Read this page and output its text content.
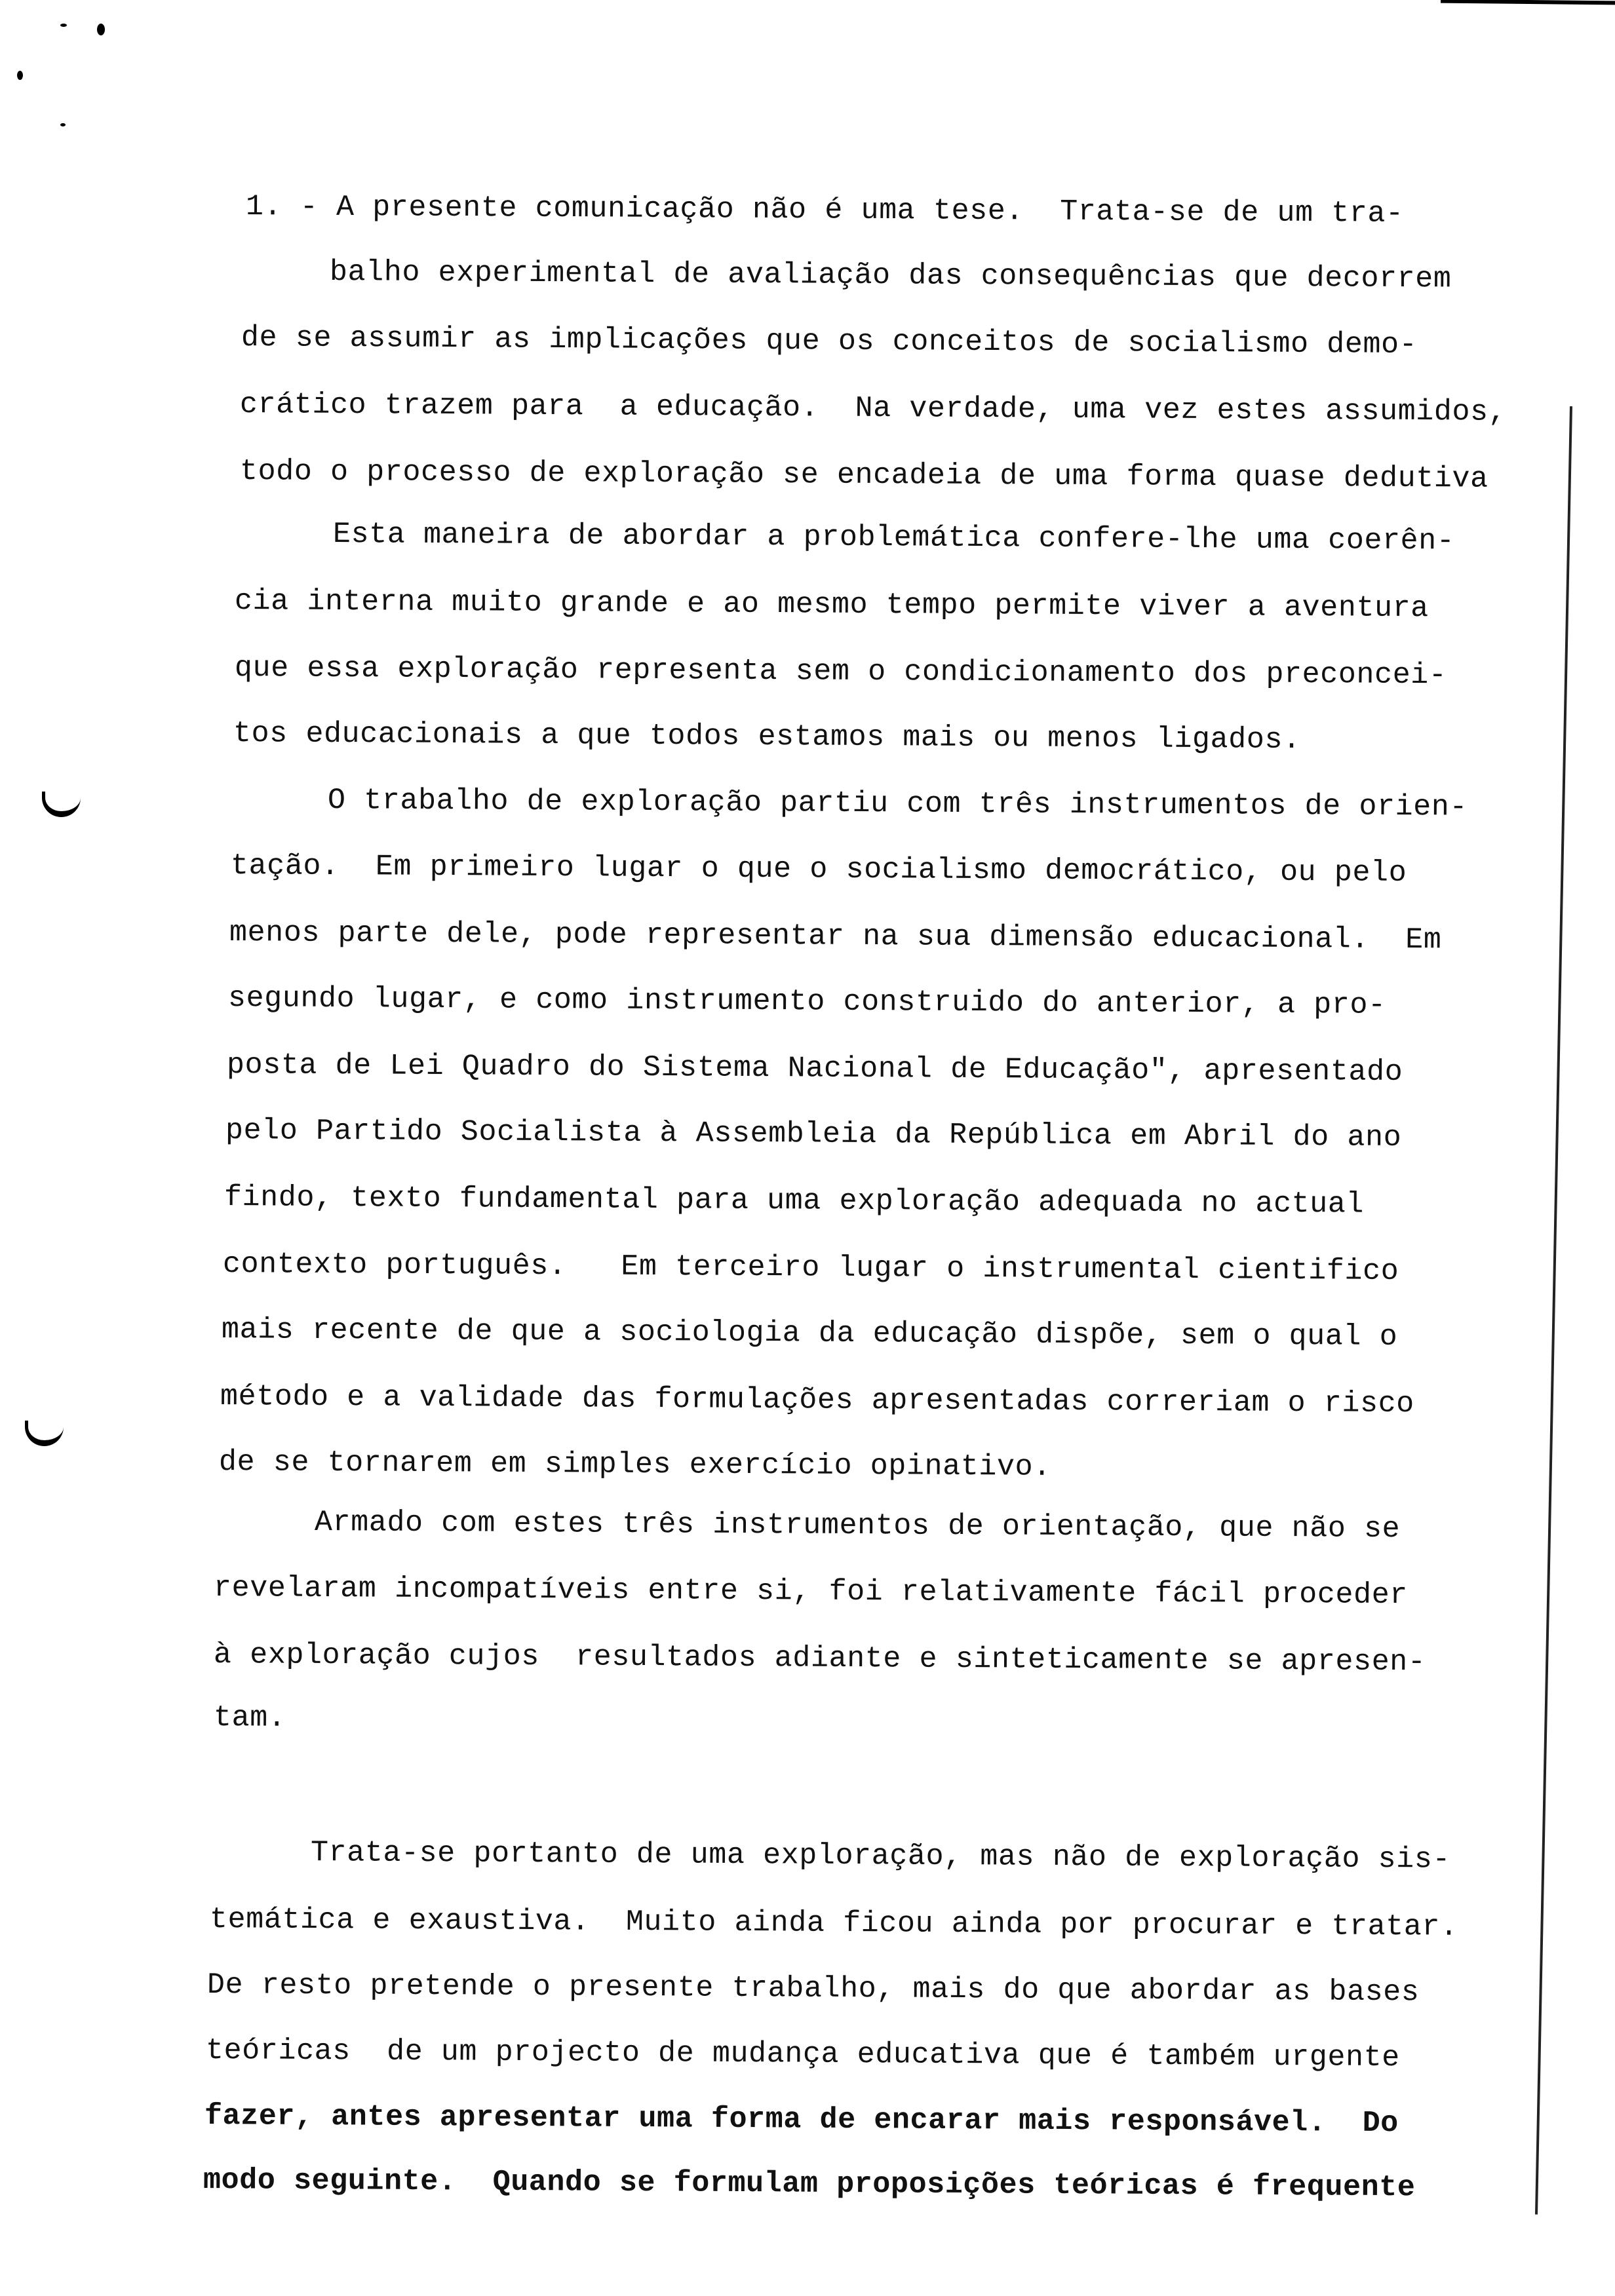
1. - A presente comunicação não é uma tese.  Trata-se de um tra-
balho experimental de avaliação das consequências que decorrem
de se assumir as implicações que os conceitos de socialismo demo-
crático trazem para  a educação.  Na verdade, uma vez estes assumidos,
todo o processo de exploração se encadeia de uma forma quase dedutiva
Esta maneira de abordar a problemática confere-lhe uma coerên-
cia interna muito grande e ao mesmo tempo permite viver a aventura
que essa exploração representa sem o condicionamento dos preconcei-
tos educacionais a que todos estamos mais ou menos ligados.
O trabalho de exploração partiu com três instrumentos de orien-
tação.  Em primeiro lugar o que o socialismo democrático, ou pelo
menos parte dele, pode representar na sua dimensão educacional.  Em
segundo lugar, e como instrumento construido do anterior, a pro-
posta de Lei Quadro do Sistema Nacional de Educação", apresentado
pelo Partido Socialista à Assembleia da República em Abril do ano
findo, texto fundamental para uma exploração adequada no actual
contexto português.   Em terceiro lugar o instrumental cientifico
mais recente de que a sociologia da educação dispõe, sem o qual o
método e a validade das formulações apresentadas correriam o risco
de se tornarem em simples exercício opinativo.
Armado com estes três instrumentos de orientação, que não se
revelaram incompatíveis entre si, foi relativamente fácil proceder
à exploração cujos  resultados adiante e sinteticamente se apresen-
tam.
Trata-se portanto de uma exploração, mas não de exploração sis-
temática e exaustiva.  Muito ainda ficou ainda por procurar e tratar.
De resto pretende o presente trabalho, mais do que abordar as bases
teóricas  de um projecto de mudança educativa que é também urgente
fazer, antes apresentar uma forma de encarar mais responsável.  Do
modo seguinte.  Quando se formulam proposições teóricas é frequente
